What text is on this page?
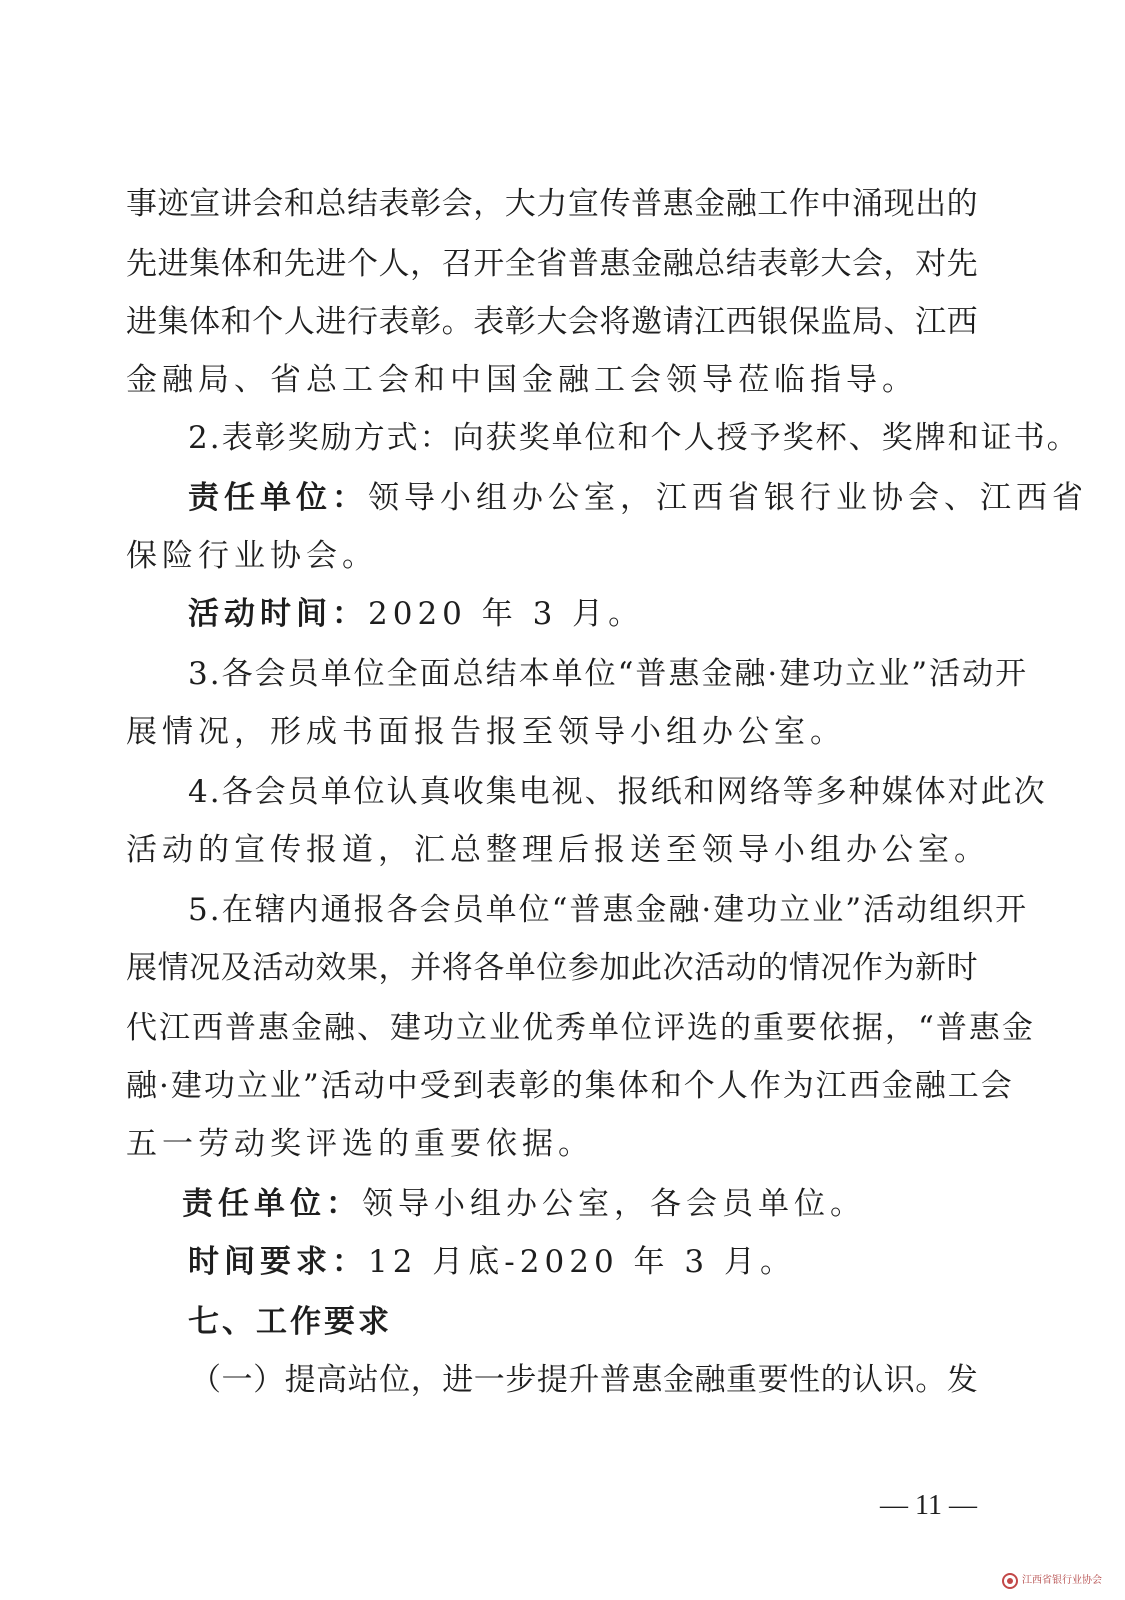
事 迹 宣 讲 会 和 总 结 表 彰 会 ， 大 力 宣 传 普 惠 金 融 工 作 中 涌 现 出 的
先 进 集 体 和 先 进 个 人 ， 召 开 全 省 普 惠 金 融 总 结 表 彰 大 会 ， 对 先
进 集 体 和 个 人 进 行 表 彰 。 表 彰 大 会 将 邀 请 江 西 银 保 监 局 、 江 西
金融局、省总工会和中国金融工会领导莅临指导。
2.表彰奖励方式：向获奖单位和个人授予奖杯、奖牌和证书。
责任单位：领导小组办公室，江西省银行业协会、江西省
保险行业协会。
活动时间：2020 年 3 月。
3.各会员单位全面总结本单位“普惠金融·建功立业”活动开
展情况，形成书面报告报至领导小组办公室。
4.各会员单位认真收集电视、报纸和网络等多种媒体对此次
活动的宣传报道，汇总整理后报送至领导小组办公室。
5.在辖内通报各会员单位“普惠金融·建功立业”活动组织开
展 情 况 及 活 动 效 果 ， 并 将 各 单 位 参 加 此 次 活 动 的 情 况 作 为 新 时
代江西普惠金融、建功立业优秀单位评选的重要依据，“普惠金
融·建功立业”活动中受到表彰的集体和个人作为江西金融工会
五一劳动奖评选的重要依据。
责任单位：领导小组办公室，各会员单位。
时间要求：12 月底-2020 年 3 月。
七、工作要求
（ 一 ） 提 高 站 位 ， 进 一 步 提 升 普 惠 金 融 重 要 性 的 认 识 。 发
— 11 —
江西省银行业协会
